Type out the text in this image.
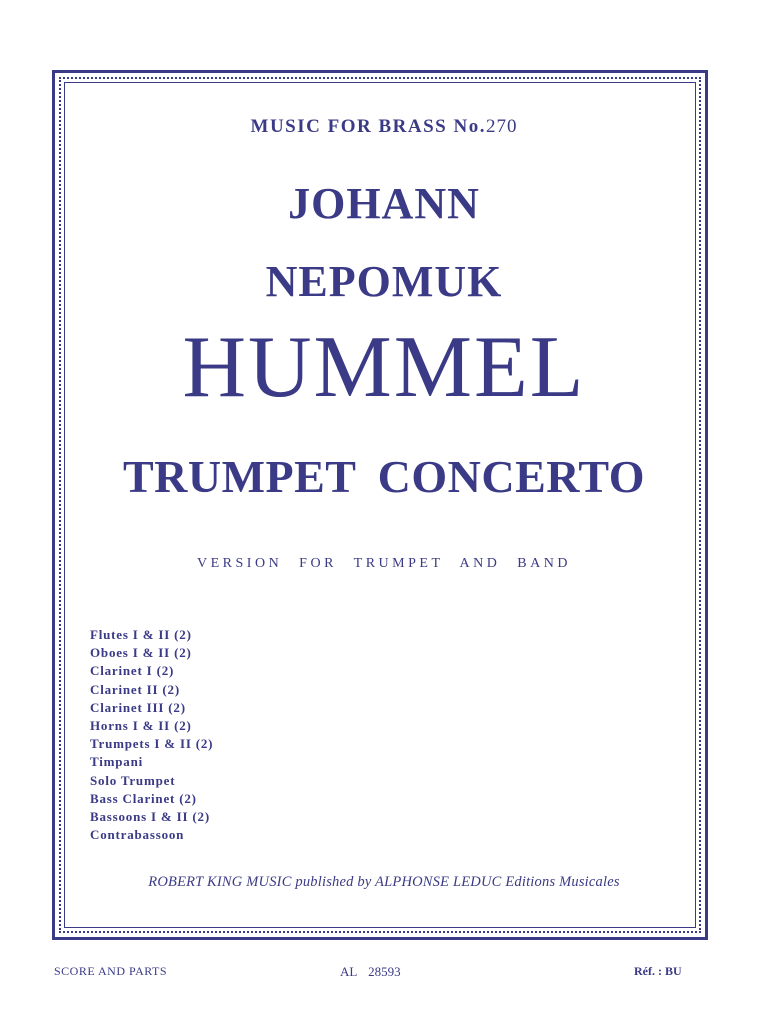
MUSIC FOR BRASS No.270
JOHANN
NEPOMUK
HUMMEL
TRUMPET CONCERTO
VERSION FOR TRUMPET AND BAND
Flutes I & II (2)
Oboes I & II (2)
Clarinet I (2)
Clarinet II (2)
Clarinet III (2)
Horns I & II (2)
Trumpets I & II (2)
Timpani
Solo Trumpet
Bass Clarinet (2)
Bassoons I & II (2)
Contrabassoon
ROBERT KING MUSIC published by ALPHONSE LEDUC Editions Musicales
SCORE AND PARTS	AL 28593	Réf. : BU
